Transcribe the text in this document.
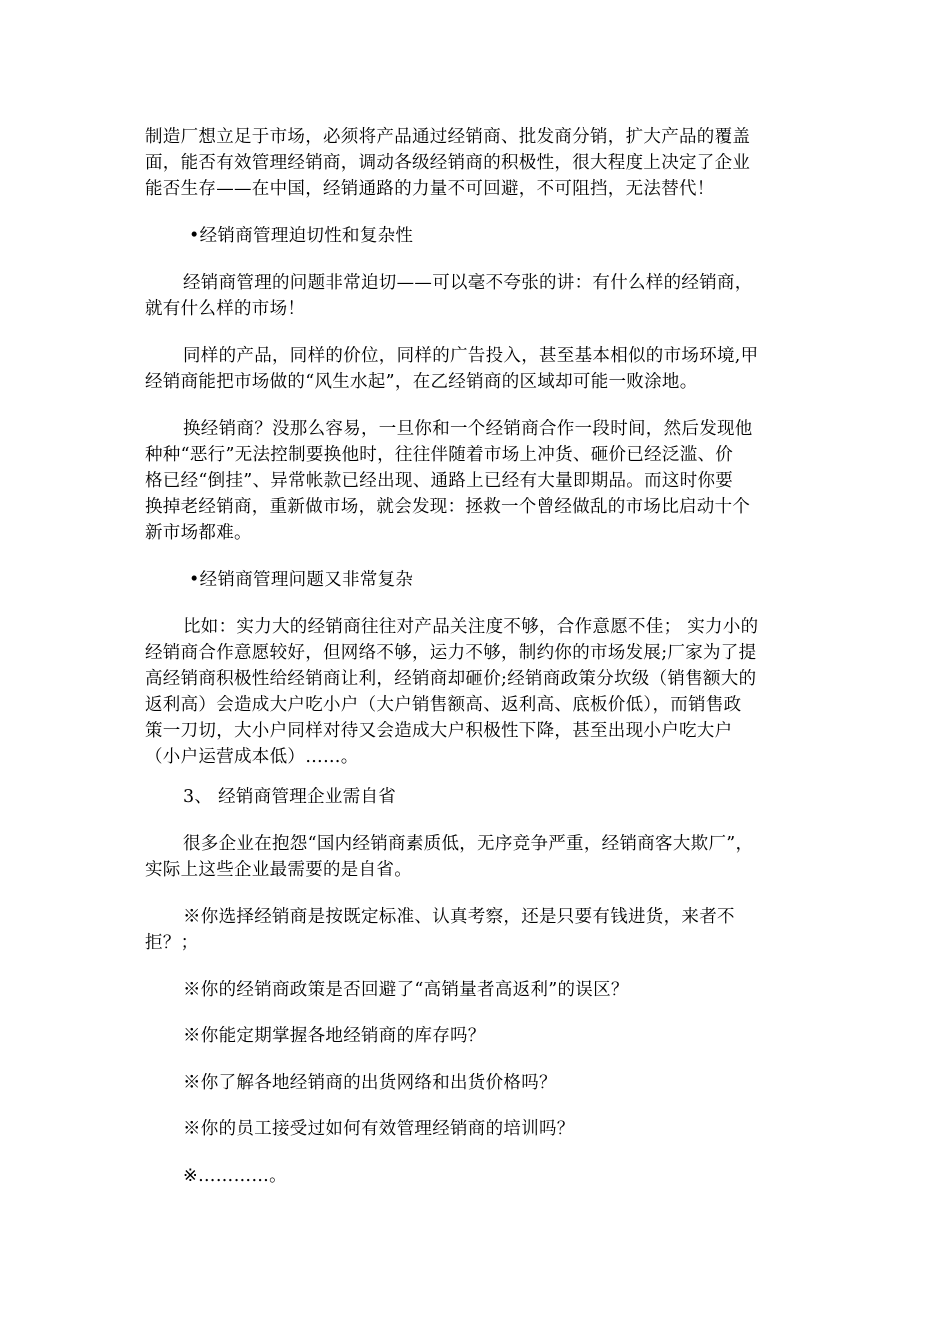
制造厂想立足于市场，必须将产品通过经销商、批发商分销，扩大产品的覆盖
面，能否有效管理经销商，调动各级经销商的积极性，很大程度上决定了企业
能否生存——在中国，经销通路的力量不可回避，不可阻挡，无法替代！
•经销商管理迫切性和复杂性
经销商管理的问题非常迫切——可以毫不夸张的讲：有什么样的经销商，
就有什么样的市场！
同样的产品，同样的价位，同样的广告投入，甚至基本相似的市场环境,甲
经销商能把市场做的“风生水起”，在乙经销商的区域却可能一败涂地。
换经销商？没那么容易，一旦你和一个经销商合作一段时间，然后发现他
种种“恶行”无法控制要换他时，往往伴随着市场上冲货、砸价已经泛滥、价
格已经“倒挂”、异常帐款已经出现、通路上已经有大量即期品。而这时你要
换掉老经销商，重新做市场，就会发现：拯救一个曾经做乱的市场比启动十个
新市场都难。
•经销商管理问题又非常复杂
比如：实力大的经销商往往对产品关注度不够，合作意愿不佳； 实力小的
经销商合作意愿较好，但网络不够，运力不够，制约你的市场发展;厂家为了提
高经销商积极性给经销商让利，经销商却砸价;经销商政策分坎级（销售额大的
返利高）会造成大户吃小户（大户销售额高、返利高、底板价低），而销售政
策一刀切，大小户同样对待又会造成大户积极性下降，甚至出现小户吃大户
（小户运营成本低）……。
3、 经销商管理企业需自省
很多企业在抱怨“国内经销商素质低，无序竞争严重，经销商客大欺厂”，
实际上这些企业最需要的是自省。
※你选择经销商是按既定标准、认真考察，还是只要有钱进货，来者不
拒？；
※你的经销商政策是否回避了“高销量者高返利”的误区？
※你能定期掌握各地经销商的库存吗？
※你了解各地经销商的出货网络和出货价格吗？
※你的员工接受过如何有效管理经销商的培训吗？
※…………。
